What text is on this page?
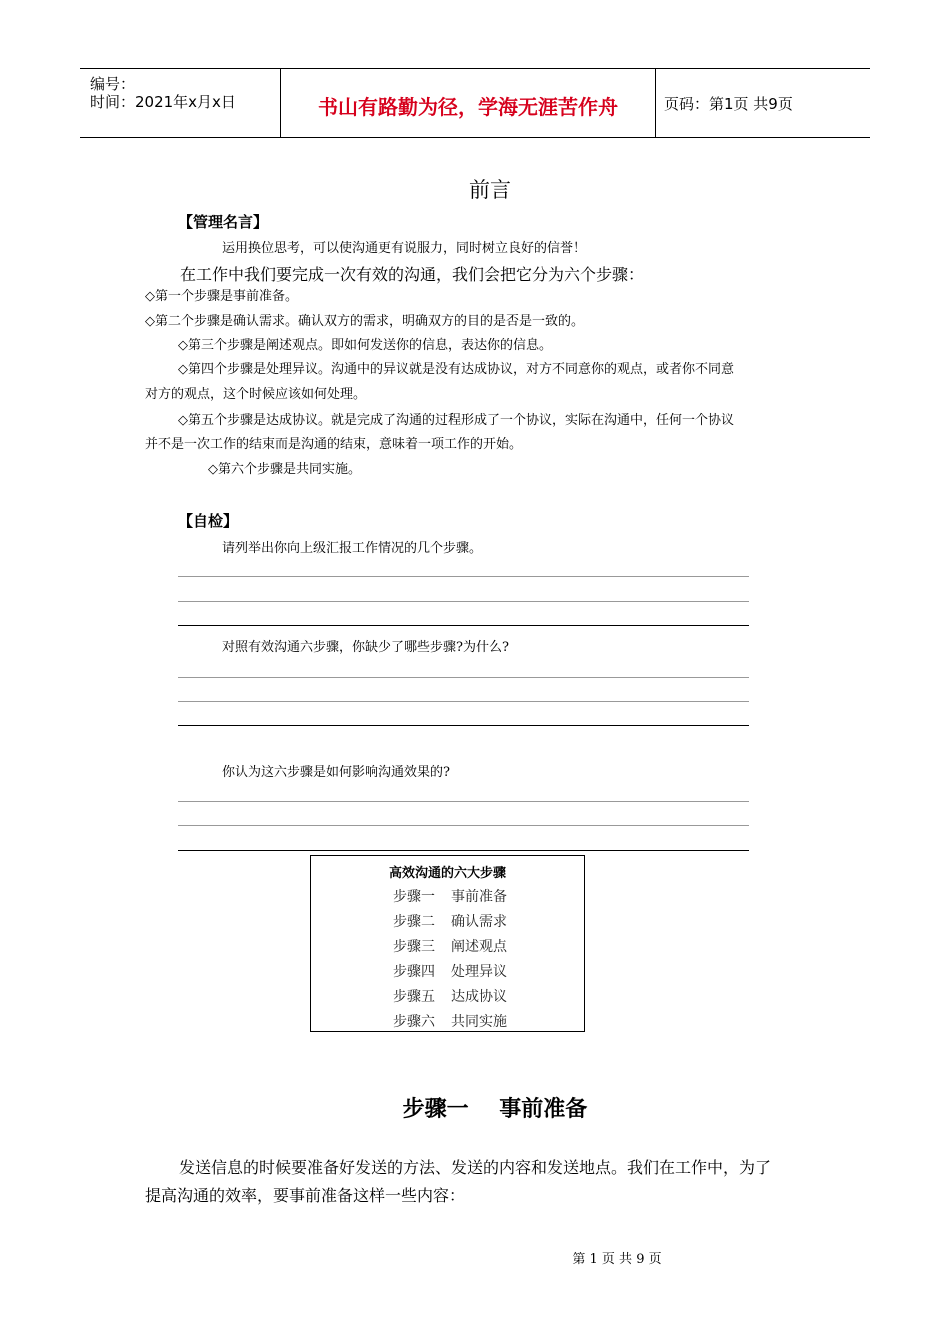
编号：
时间：2021年x月x日	书山有路勤为径，学海无涯苦作舟	页码：第1页 共9页
前言
【管理名言】
运用换位思考，可以使沟通更有说服力，同时树立良好的信誉！
在工作中我们要完成一次有效的沟通，我们会把它分为六个步骤：
◇第一个步骤是事前准备。
◇第二个步骤是确认需求。确认双方的需求，明确双方的目的是否是一致的。
◇第三个步骤是阐述观点。即如何发送你的信息，表达你的信息。
◇第四个步骤是处理异议。沟通中的异议就是没有达成协议，对方不同意你的观点，或者你不同意
对方的观点，这个时候应该如何处理。
◇第五个步骤是达成协议。就是完成了沟通的过程形成了一个协议，实际在沟通中，任何一个协议
并不是一次工作的结束而是沟通的结束，意味着一项工作的开始。
◇第六个步骤是共同实施。
【自检】
请列举出你向上级汇报工作情况的几个步骤。
对照有效沟通六步骤，你缺少了哪些步骤?为什么?
你认为这六步骤是如何影响沟通效果的?
高效沟通的六大步骤
步骤一 事前准备
步骤二 确认需求
步骤三 阐述观点
步骤四 处理异议
步骤五 达成协议
步骤六 共同实施
步骤一    事前准备
发送信息的时候要准备好发送的方法、发送的内容和发送地点。我们在工作中，为了
提高沟通的效率，要事前准备这样一些内容：
第 1 页 共 9 页
